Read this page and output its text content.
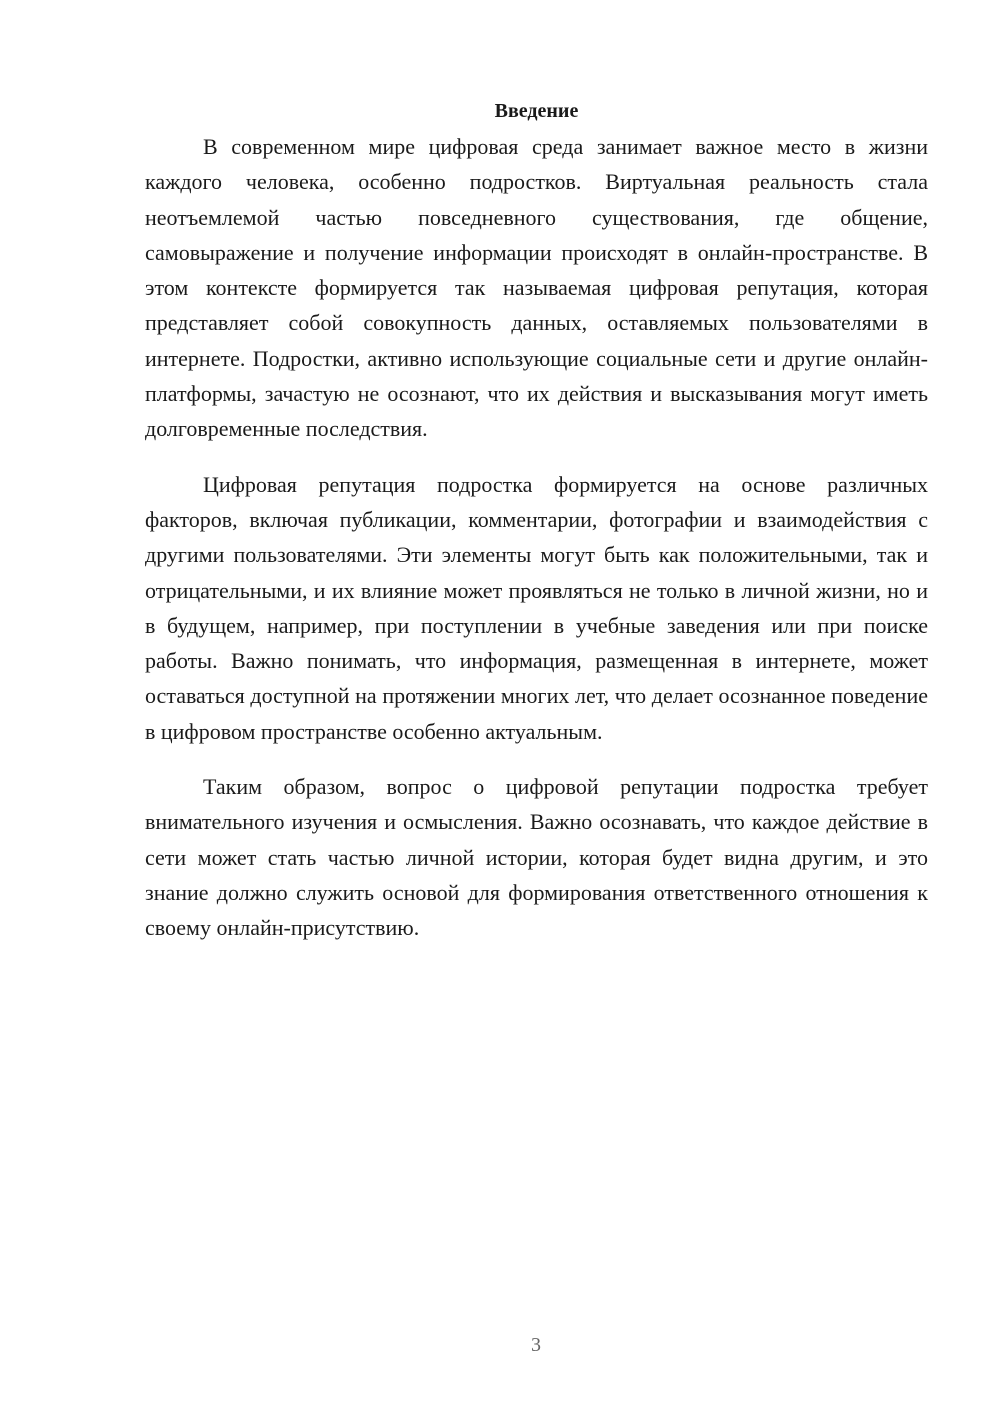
Введение

В современном мире цифровая среда занимает важное место в жизни каждого человека, особенно подростков. Виртуальная реальность стала неотъемлемой частью повседневного существования, где общение, самовыражение и получение информации происходят в онлайн-пространстве. В этом контексте формируется так называемая цифровая репутация, которая представляет собой совокупность данных, оставляемых пользователями в интернете. Подростки, активно использующие социальные сети и другие онлайн-платформы, зачастую не осознают, что их действия и высказывания могут иметь долговременные последствия.

Цифровая репутация подростка формируется на основе различных факторов, включая публикации, комментарии, фотографии и взаимодействия с другими пользователями. Эти элементы могут быть как положительными, так и отрицательными, и их влияние может проявляться не только в личной жизни, но и в будущем, например, при поступлении в учебные заведения или при поиске работы. Важно понимать, что информация, размещенная в интернете, может оставаться доступной на протяжении многих лет, что делает осознанное поведение в цифровом пространстве особенно актуальным.

Таким образом, вопрос о цифровой репутации подростка требует внимательного изучения и осмысления. Важно осознавать, что каждое действие в сети может стать частью личной истории, которая будет видна другим, и это знание должно служить основой для формирования ответственного отношения к своему онлайн-присутствию.

3
